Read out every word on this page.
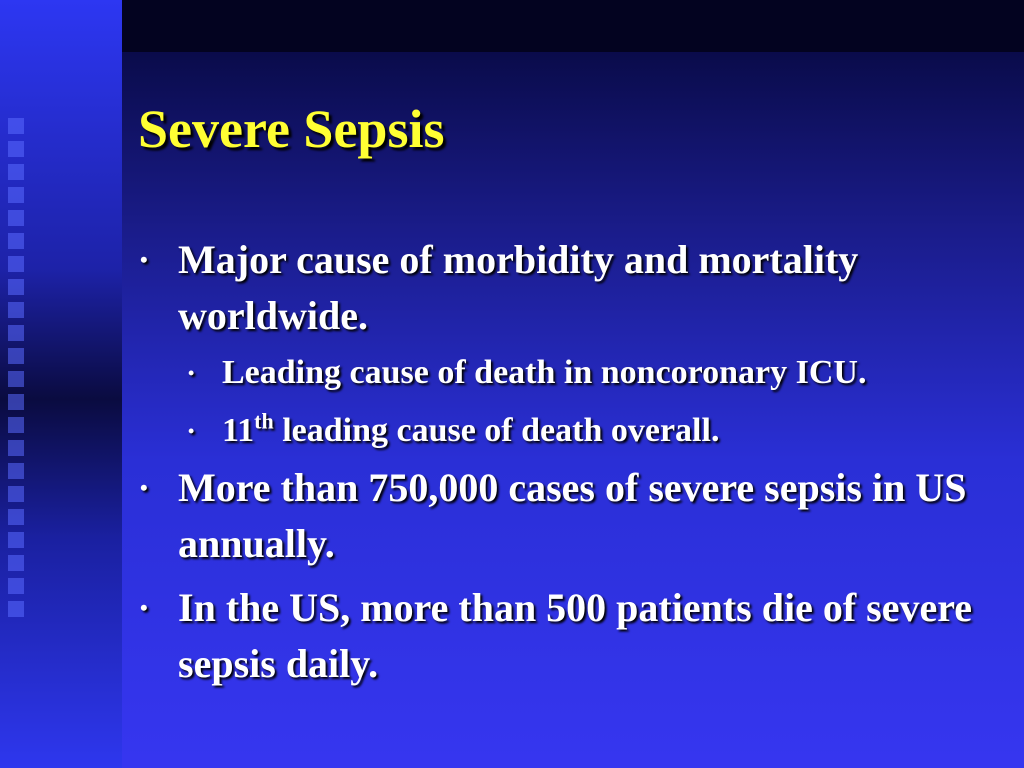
Severe Sepsis
• Major cause of morbidity and mortality worldwide.
• Leading cause of death in noncoronary ICU.
• 11th leading cause of death overall.
• More than 750,000 cases of severe sepsis in US annually.
• In the US, more than 500 patients die of severe sepsis daily.
